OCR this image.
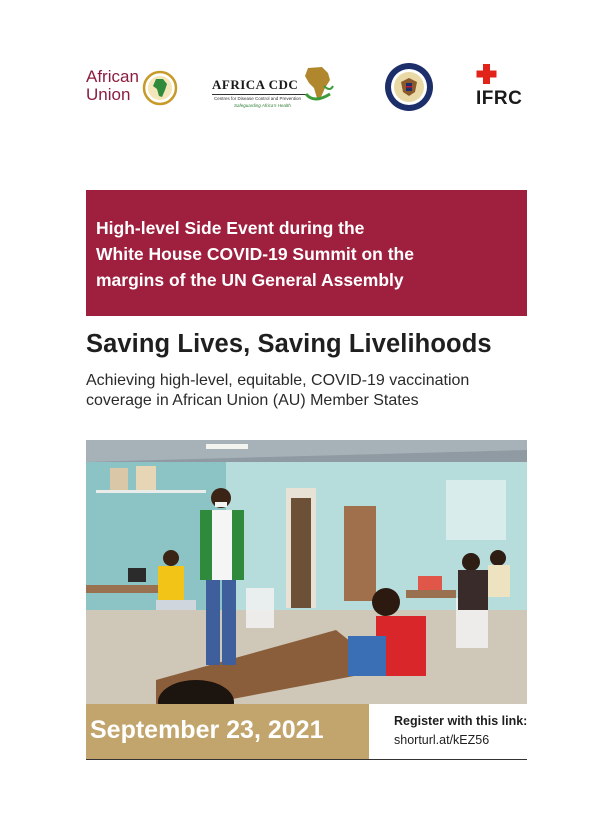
African
Union
AFRICA CDC
Centres for Disease Control and Prevention
Safeguarding Africa's Health	IFRC
High-level Side Event during the
White House COVID-19 Summit on the
margins of the UN General Assembly
Saving Lives, Saving Livelihoods
Achieving high-level, equitable, COVID-19 vaccination
coverage in African Union (AU) Member States
September 23, 2021	Register with this link:
shorturl.at/kEZ56
